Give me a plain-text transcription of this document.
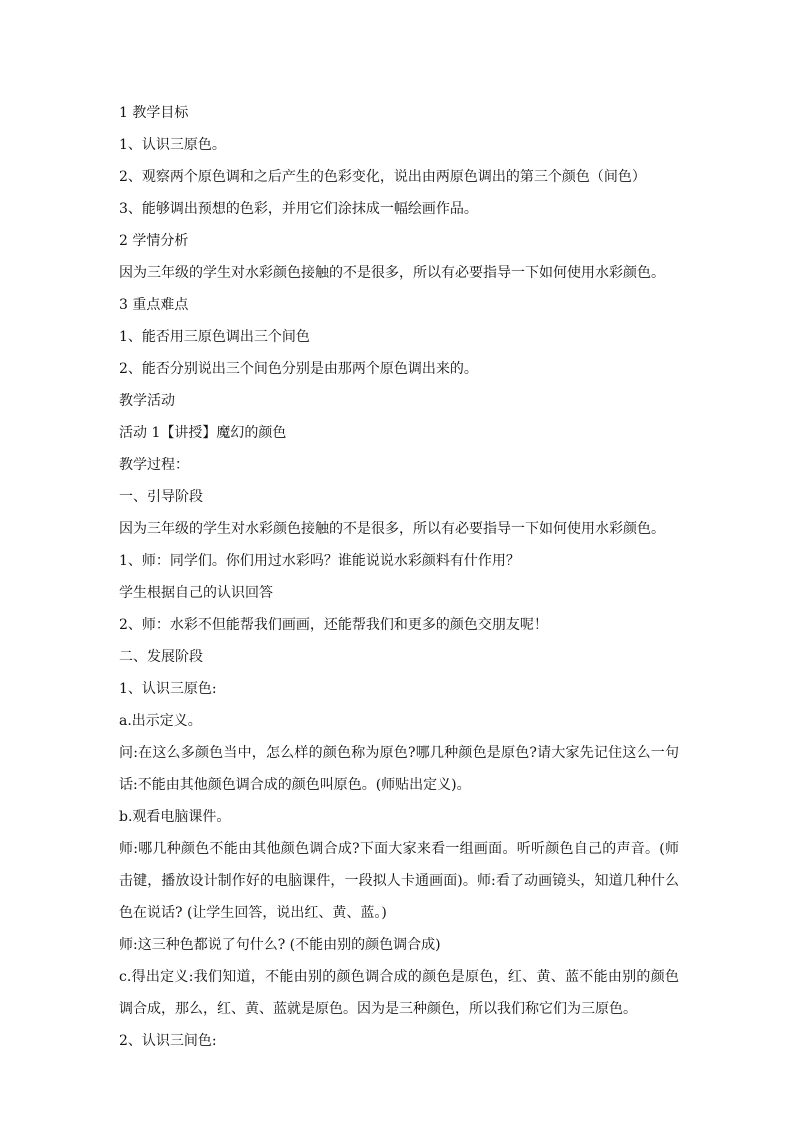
1 教学目标
1、认识三原色。
2、观察两个原色调和之后产生的色彩变化，说出由两原色调出的第三个颜色（间色）
3、能够调出预想的色彩，并用它们涂抹成一幅绘画作品。
2 学情分析
因为三年级的学生对水彩颜色接触的不是很多，所以有必要指导一下如何使用水彩颜色。
3 重点难点
1、能否用三原色调出三个间色
2、能否分别说出三个间色分别是由那两个原色调出来的。
教学活动
活动 1【讲授】魔幻的颜色
教学过程：
一、引导阶段
因为三年级的学生对水彩颜色接触的不是很多，所以有必要指导一下如何使用水彩颜色。
1、师：同学们。你们用过水彩吗？谁能说说水彩颜料有什作用？
学生根据自己的认识回答
2、师：水彩不但能帮我们画画，还能帮我们和更多的颜色交朋友呢！
二、发展阶段
1、认识三原色:
a.出示定义。
问:在这么多颜色当中，怎么样的颜色称为原色?哪几种颜色是原色?请大家先记住这么一句话:不能由其他颜色调合成的颜色叫原色。(师贴出定义)。
b.观看电脑课件。
师:哪几种颜色不能由其他颜色调合成?下面大家来看一组画面。听听颜色自己的声音。(师击键，播放设计制作好的电脑课件，一段拟人卡通画面)。师:看了动画镜头，知道几种什么色在说话? (让学生回答，说出红、黄、蓝。)
师:这三种色都说了句什么? (不能由别的颜色调合成)
c.得出定义:我们知道，不能由别的颜色调合成的颜色是原色，红、黄、蓝不能由别的颜色调合成，那么，红、黄、蓝就是原色。因为是三种颜色，所以我们称它们为三原色。
2、认识三间色:
